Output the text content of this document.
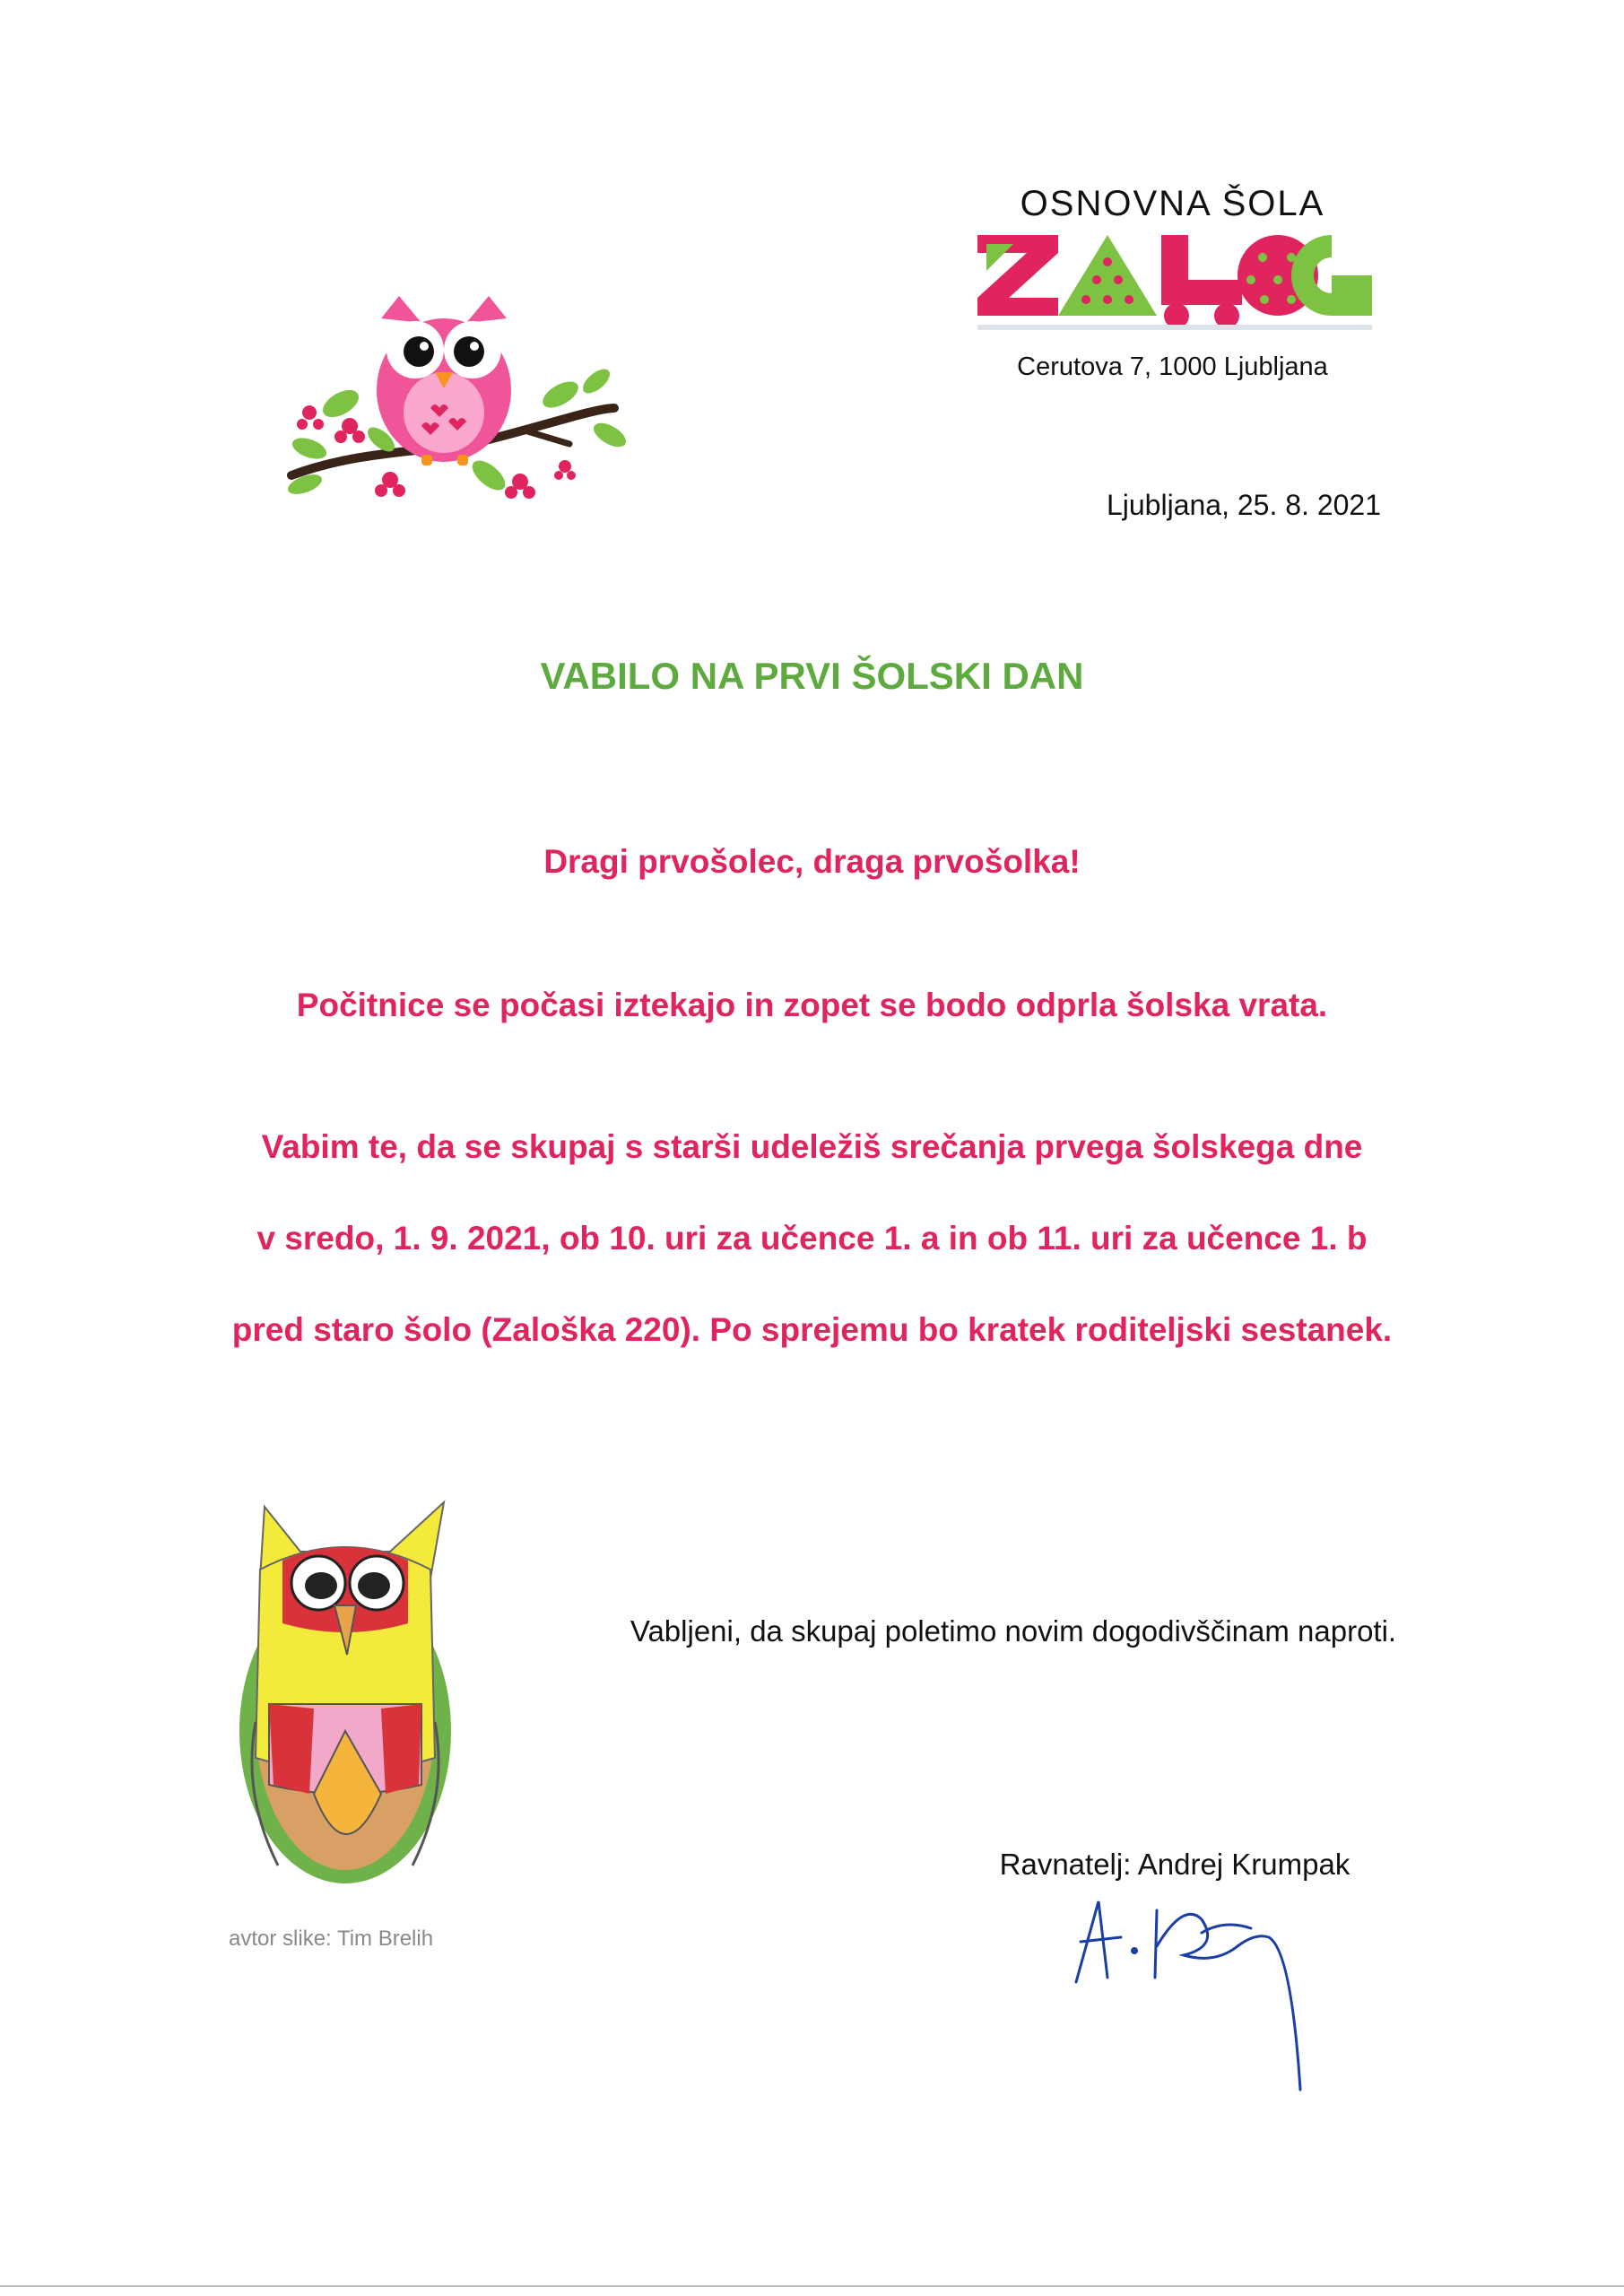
OSNOVNA ŠOLA
Cerutova 7, 1000 Ljubljana
Ljubljana, 25. 8. 2021
VABILO NA PRVI ŠOLSKI DAN
Dragi prvošolec, draga prvošolka!
Počitnice se počasi iztekajo in zopet se bodo odprla šolska vrata.
Vabim te, da se skupaj s starši udeležiš srečanja prvega šolskega dne
v sredo, 1. 9. 2021, ob 10. uri za učence 1. a in ob 11. uri za učence 1. b
pred staro šolo (Zaloška 220). Po sprejemu bo kratek roditeljski sestanek.
avtor slike: Tim Brelih
Vabljeni, da skupaj poletimo novim dogodivščinam naproti.
Ravnatelj: Andrej Krumpak
